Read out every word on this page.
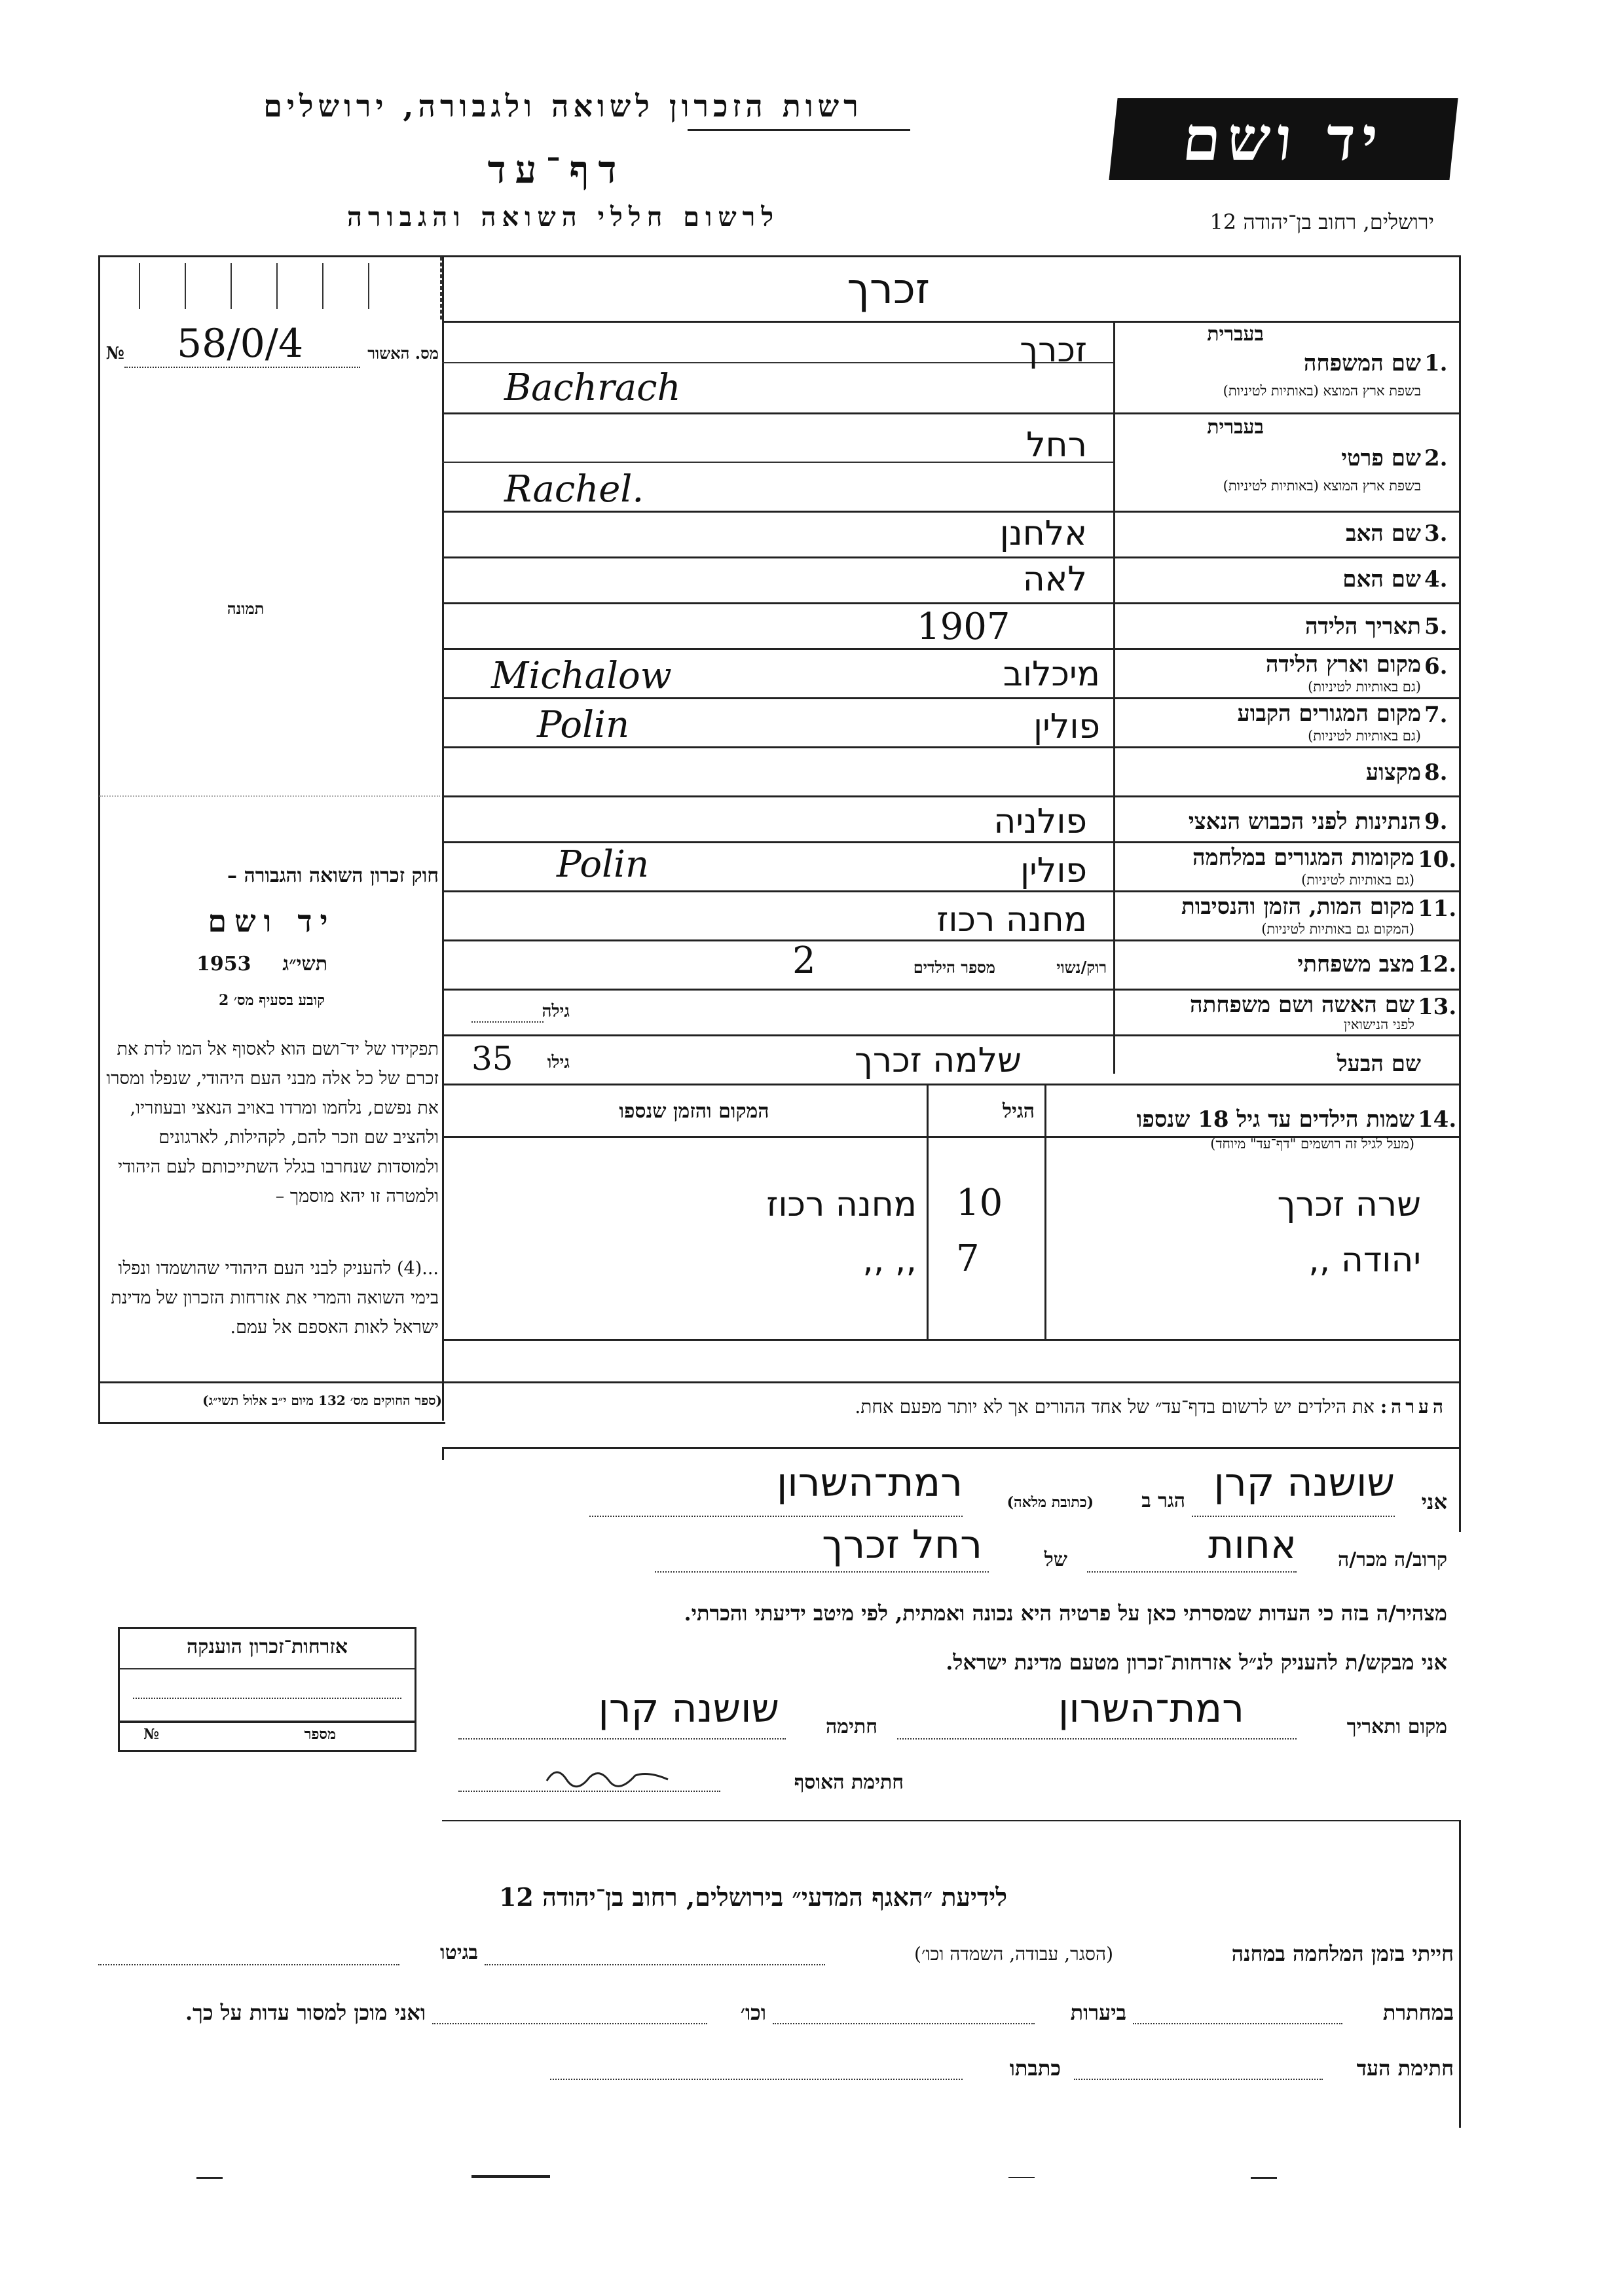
רשות הזכרון לשואה ולגבורה, ירושלים
דף־עד
לרשום חללי השואה והגבורה
יד ושם
ירושלים, רחוב בן־יהודה 12
זכרך
№ 58/0/4	מס. האשור
בעברית
1.
שם המשפחה
בשפת ארץ המוצא (באותיות לטיניות)
זכרך
Bachrach
בעברית
2.
שם פרטי
בשפת ארץ המוצא (באותיות לטיניות)
רחל
Rachel.
3.
שם האב
אלחנן
4.
שם האם
לאה
5.
תאריך הלידה
1907
6.
מקום וארץ הלידה
(גם באותיות לטיניות)
מיכלוב
Michalow
7.
מקום המגורים הקבוע
(גם באותיות לטיניות)
פולין
Polin
8.
מקצוע
9.
הנתינות לפני הכבוש הנאצי
פולניה
10.
מקומות המגורים במלחמה
(גם באותיות לטיניות)
פולין
Polin
11.
מקום המות, הזמן והנסיבות
(המקום גם באותיות לטיניות)
מחנה רכוז
12.
מצב משפחתי
רוק/נשוי
מספר הילדים
2
13.
שם האשה ושם משפחתה
לפני הנישואין
גילה
שם הבעל
שלמה זכרך
גילו
35
14.
שמות הילדים עד גיל 18 שנספו
(מעל לגיל זה רושמים "דף־עד" מיוחד)
הגיל
המקום והזמן שנספו
שרה זכרך
10
מחנה רכוז
יהודה ,,
7
,, ,,
תמונה
חוק זכרון השואה והגבורה –
יד ושם
תשי״ג
1953
קובע בסעיף מס׳ 2
תפקידו של יד־ושם הוא לאסוף אל המו לדת את זכרם של כל אלה מבני העם היהודי, שנפלו ומסרו את נפשם, נלחמו ומרדו באויב הנאצי ובעוזריו, ולהציב שם וזכר להם, לקהילות, לארגונים ולמוסדות שנחרבו בגלל השתייכותם לעם היהודי ולמטרה זו יהא מוסמך –
...(4) להעניק לבני העם היהודי שהושמדו ונפלו בימי השואה והמרי את אזרחות הזכרון של מדינת ישראל לאות האספם אל עמם.
(ספר החוקים מס׳ 132 מיום י״ב אלול תשי״ג)	הערה: את הילדים יש לרשום בדף־עד״ של אחד ההורים אך לא יותר מפעם אחת.
אני
שושנה קרן
הגר ב
(כתובת מלאה)
רמת־השרון
קרוב/ה מכר/ה
אחות
של
רחל זכרך
מצהיר/ה בזה כי העדות שמסרתי כאן על פרטיה היא נכונה ואמתית, לפי מיטב ידיעתי והכרתי.
אני מבקש/ת להעניק לנ״ל אזרחות־זכרון מטעם מדינת ישראל.
מקום ותאריך
רמת־השרון
חתימה
שושנה קרן
חתימת האוסף
אזרחות־זכרון הוענקה
מספר
№
לידיעת ״האגף המדעי״ בירושלים, רחוב בן־יהודה 12
חייתי בזמן המלחמה במחנה
(הסגר, עבודה, השמדה וכו׳)
בגיטו
במחתרת
ביערות
וכו׳
ואני מוכן למסור עדות על כך.
חתימת העד
כתבתו
